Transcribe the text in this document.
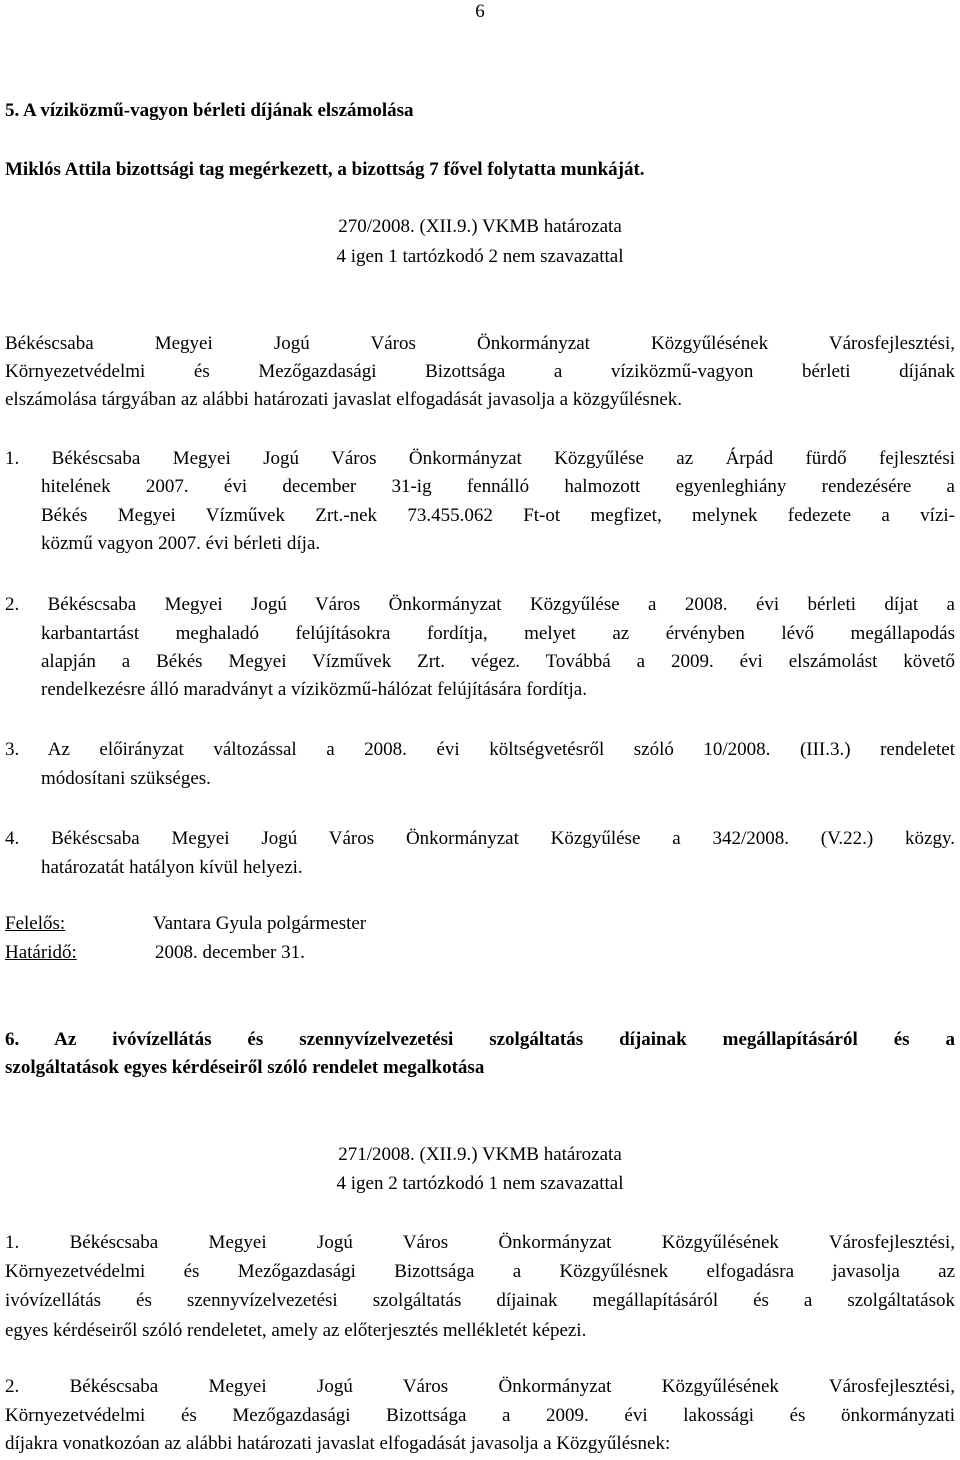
6
5. A víziközmű-vagyon bérleti díjának elszámolása
Miklós Attila bizottsági tag megérkezett, a bizottság 7 fővel folytatta munkáját.
270/2008. (XII.9.) VKMB határozata
4 igen 1 tartózkodó 2 nem szavazattal
Békéscsaba Megyei Jogú Város Önkormányzat Közgyűlésének Városfejlesztési,
Környezetvédelmi és Mezőgazdasági Bizottsága a víziközmű-vagyon bérleti díjának
elszámolása tárgyában az alábbi határozati javaslat elfogadását javasolja a közgyűlésnek.
1. Békéscsaba Megyei Jogú Város Önkormányzat Közgyűlése az Árpád fürdő fejlesztési
hitelének 2007. évi december 31-ig fennálló halmozott egyenleghiány rendezésére a
Békés Megyei Vízművek Zrt.-nek 73.455.062 Ft-ot megfizet, melynek fedezete a vízi-
közmű vagyon 2007. évi bérleti díja.
2. Békéscsaba Megyei Jogú Város Önkormányzat Közgyűlése a 2008. évi bérleti díjat a
karbantartást meghaladó felújításokra fordítja, melyet az érvényben lévő megállapodás
alapján a Békés Megyei Vízművek Zrt. végez. Továbbá a 2009. évi elszámolást követő
rendelkezésre álló maradványt a víziközmű-hálózat felújítására fordítja.
3. Az előirányzat változással a 2008. évi költségvetésről szóló 10/2008. (III.3.) rendeletet
módosítani szükséges.
4. Békéscsaba Megyei Jogú Város Önkormányzat Közgyűlése a 342/2008. (V.22.) közgy.
határozatát hatályon kívül helyezi.
Felelős:	Vantara Gyula polgármester
Határidő:	2008. december 31.
6. Az ivóvízellátás és szennyvízelvezetési szolgáltatás díjainak megállapításáról és a
szolgáltatások egyes kérdéseiről szóló rendelet megalkotása
271/2008. (XII.9.) VKMB határozata
4 igen 2 tartózkodó 1 nem szavazattal
1. Békéscsaba Megyei Jogú Város Önkormányzat Közgyűlésének Városfejlesztési,
Környezetvédelmi és Mezőgazdasági Bizottsága a Közgyűlésnek elfogadásra javasolja az
ivóvízellátás és szennyvízelvezetési szolgáltatás díjainak megállapításáról és a szolgáltatások
egyes kérdéseiről szóló rendeletet, amely az előterjesztés mellékletét képezi.
2. Békéscsaba Megyei Jogú Város Önkormányzat Közgyűlésének Városfejlesztési,
Környezetvédelmi és Mezőgazdasági Bizottsága a 2009. évi lakossági és önkormányzati
díjakra vonatkozóan az alábbi határozati javaslat elfogadását javasolja a Közgyűlésnek:
